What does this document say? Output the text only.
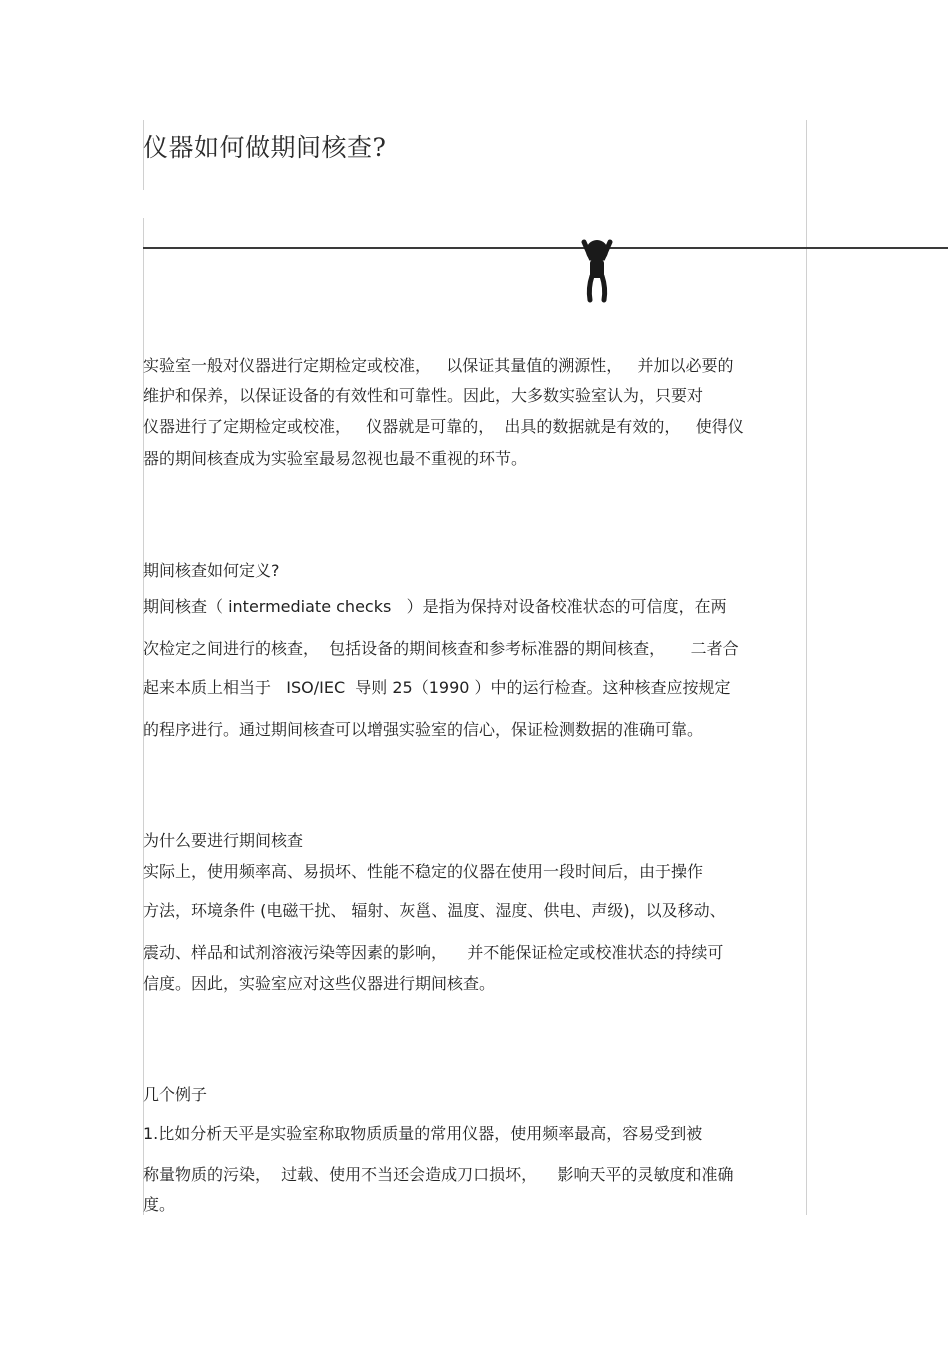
仪器如何做期间核查?
实验室一般对仪器进行定期检定或校准，   以保证其量值的溯源性，   并加以必要的
维护和保养，以保证设备的有效性和可靠性。因此，大多数实验室认为，只要对
仪器进行了定期检定或校准，   仪器就是可靠的，  出具的数据就是有效的，   使得仪
器的期间核查成为实验室最易忽视也最不重视的环节。
期间核查如何定义?
期间核查（ intermediate checks   ）是指为保持对设备校准状态的可信度，在两
次检定之间进行的核查，  包括设备的期间核查和参考标准器的期间核查，     二者合
起来本质上相当于   ISO/IEC  导则 25（1990 ）中的运行检查。这种核查应按规定
的程序进行。通过期间核查可以增强实验室的信心，保证检测数据的准确可靠。
为什么要进行期间核查
实际上，使用频率高、易损坏、性能不稳定的仪器在使用一段时间后，由于操作
方法，环境条件 (电磁干扰、 辐射、灰邕、温度、湿度、供电、声级)，以及移动、
震动、样品和试剂溶液污染等因素的影响，    并不能保证检定或校准状态的持续可
信度。因此，实验室应对这些仪器进行期间核查。
几个例子
1.比如分析天平是实验室称取物质质量的常用仪器，使用频率最高，容易受到被
称量物质的污染，  过载、使用不当还会造成刀口损坏，    影响天平的灵敏度和准确
度。
